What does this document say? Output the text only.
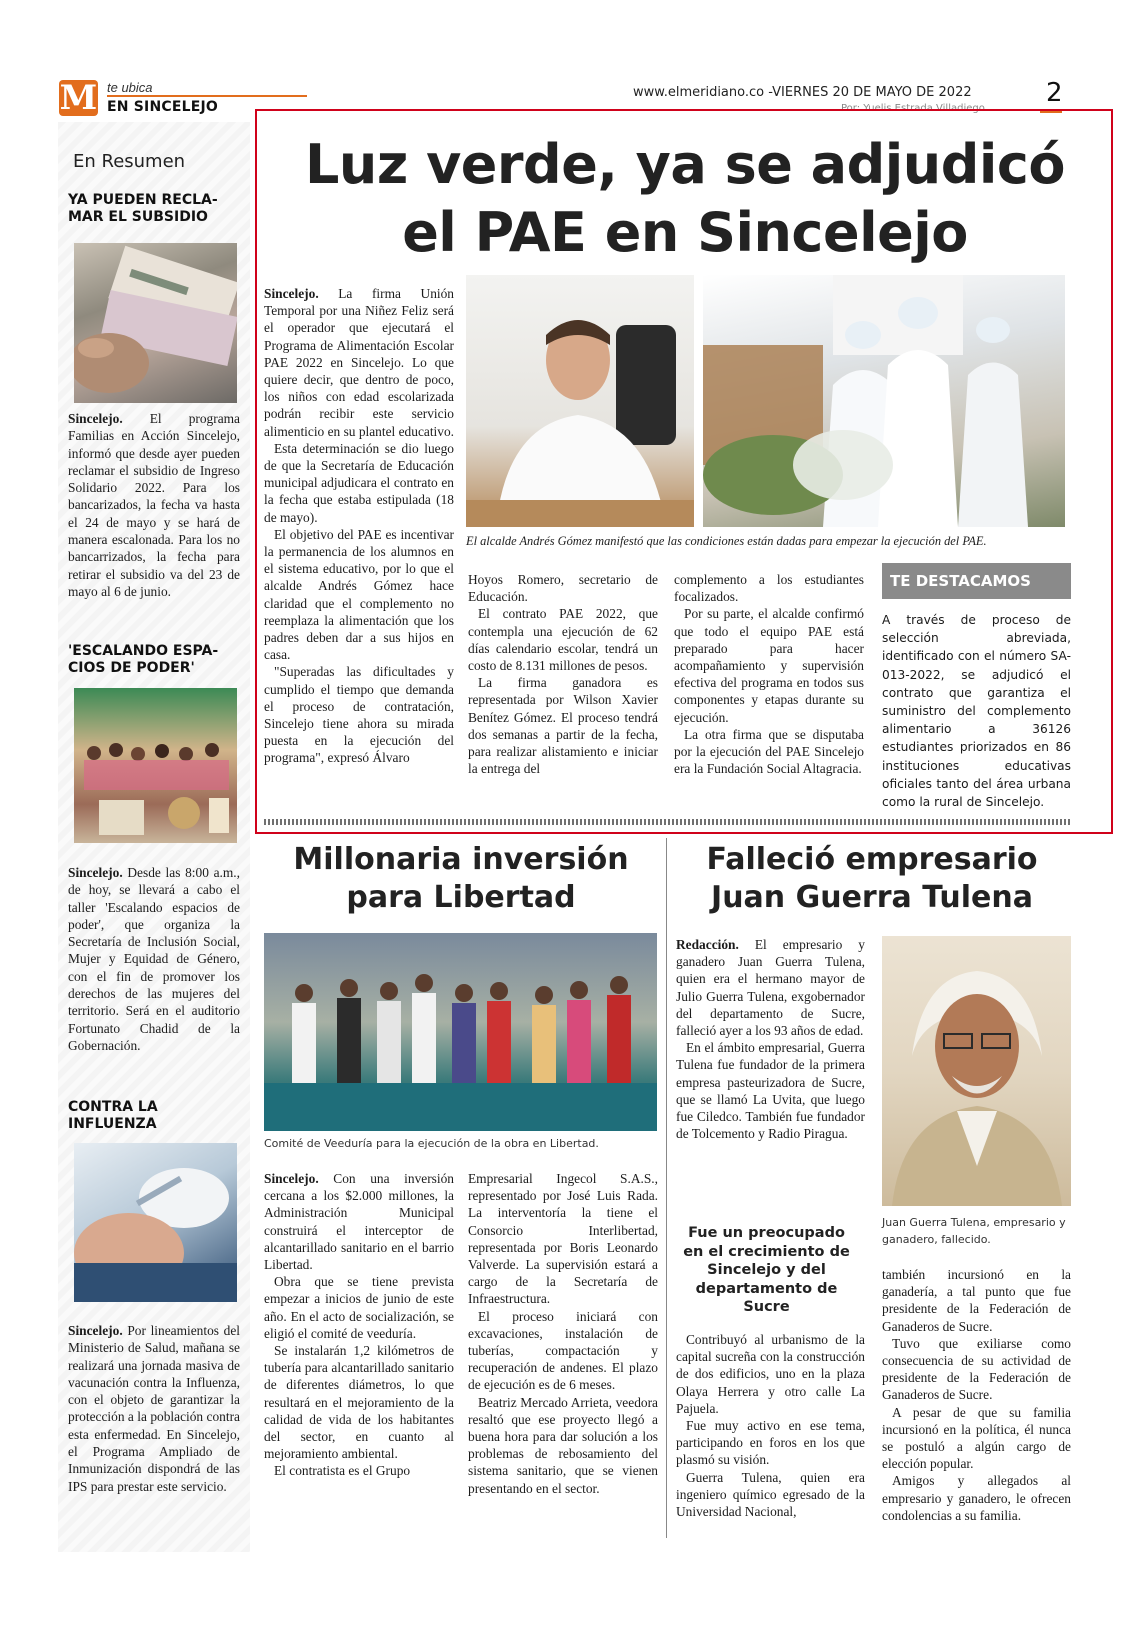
M te ubica
EN SINCELEJO
www.elmeridiano.co -VIERNES 20 DE MAYO DE 2022
Por: Yuelis Estrada Villadiego
2
En Resumen
YA PUEDEN RECLA-MAR EL SUBSIDIO
Sincelejo. El programa Familias en Acción Sincelejo, informó que desde ayer pueden reclamar el subsidio de Ingreso Solidario 2022. Para los bancarizados, la fecha va hasta el 24 de mayo y se hará de manera escalonada. Para los no bancarrizados, la fecha para retirar el subsidio va del 23 de mayo al 6 de junio.
'ESCALANDO ESPA-CIOS DE PODER'
Sincelejo. Desde las 8:00 a.m., de hoy, se llevará a cabo el taller 'Escalando espacios de poder', que organiza la Secretaría de Inclusión Social, Mujer y Equidad de Género, con el fin de promover los derechos de las mujeres del territorio. Será en el auditorio Fortunato Chadid de la Gobernación.
CONTRA LA INFLUENZA
Sincelejo. Por lineamientos del Ministerio de Salud, mañana se realizará una jornada masiva de vacunación contra la Influenza, con el objeto de garantizar la protección a la población contra esta enfermedad. En Sincelejo, el Programa Ampliado de Inmunización dispondrá de las IPS para prestar este servicio.
Luz verde, ya se adjudicó
el PAE en Sincelejo

Sincelejo. La firma Unión Temporal por una Niñez Feliz será el operador que ejecutará el Programa de Alimentación Escolar PAE 2022 en Sincelejo. Lo que quiere decir, que dentro de poco, los niños con edad escolarizada podrán recibir este servicio alimenticio en su plantel educativo.

Esta determinación se dio luego de que la Secretaría de Educación municipal adjudicara el contrato en la fecha que estaba estipulada (18 de mayo).

El objetivo del PAE es incentivar la permanencia de los alumnos en el sistema educativo, por lo que el alcalde Andrés Gómez hace claridad que el complemento no reemplaza la alimentación que los padres deben dar a sus hijos en casa.

"Superadas las dificultades y cumplido el tiempo que demanda el proceso de contratación, Sincelejo tiene ahora su mirada puesta en la ejecución del programa", expresó Álvaro

El alcalde Andrés Gómez manifestó que las condiciones están dadas para empezar la ejecución del PAE.

Hoyos Romero, secretario de Educación.

El contrato PAE 2022, que contempla una ejecución de 62 días calendario escolar, tendrá un costo de 8.131 millones de pesos.

La firma ganadora es representada por Wilson Xavier Benítez Gómez. El proceso tendrá dos semanas a partir de la fecha, para realizar alistamiento e iniciar la entrega del

complemento a los estudiantes focalizados.

Por su parte, el alcalde confirmó que todo el equipo PAE está preparado para hacer acompañamiento y supervisión efectiva del programa en todos sus componentes y etapas durante su ejecución.

La otra firma que se disputaba por la ejecución del PAE Sincelejo era la Fundación Social Altagracia.

TE DESTACAMOS
A través de proceso de selección abreviada, identificado con el número SA-013-2022, se adjudicó el contrato que garantiza el suministro del complemento alimentario a 36126 estudiantes priorizados en 86 instituciones educativas oficiales tanto del área urbana como la rural de Sincelejo.
Millonaria inversión
para Libertad
Comité de Veeduría para la ejecución de la obra en Libertad.

Sincelejo. Con una inversión cercana a los $2.000 millones, la Administración Municipal construirá el interceptor de alcantarillado sanitario en el barrio Libertad.

Obra que se tiene prevista empezar a inicios de junio de este año. En el acto de socialización, se eligió el comité de veeduría.

Se instalarán 1,2 kilómetros de tubería para alcantarillado sanitario de diferentes diámetros, lo que resultará en el mejoramiento de la calidad de vida de los habitantes del sector, en cuanto al mejoramiento ambiental.

El contratista es el Grupo

Empresarial Ingecol S.A.S., representado por José Luis Rada. La interventoría la tiene el Consorcio Interlibertad, representada por Boris Leonardo Valverde. La supervisión estará a cargo de la Secretaría de Infraestructura.

El proceso iniciará con excavaciones, instalación de tuberías, compactación y recuperación de andenes. El plazo de ejecución es de 6 meses.

Beatriz Mercado Arrieta, veedora resaltó que ese proyecto llegó a buena hora para dar solución a los problemas de rebosamiento del sistema sanitario, que se vienen presentando en el sector.

Falleció empresario
Juan Guerra Tulena

Redacción. El empresario y ganadero Juan Guerra Tulena, quien era el hermano mayor de Julio Guerra Tulena, exgobernador del departamento de Sucre, falleció ayer a los 93 años de edad.

En el ámbito empresarial, Guerra Tulena fue fundador de la primera empresa pasteurizadora de Sucre, que se llamó La Uvita, que luego fue Ciledco. También fue fundador de Tolcemento y Radio Piragua.

Fue un preocupado en el crecimiento de Sincelejo y del departamento de Sucre

Contribuyó al urbanismo de la capital sucreña con la construcción de dos edificios, uno en la plaza Olaya Herrera y otro calle La Pajuela.

Fue muy activo en ese tema, participando en foros en los que plasmó su visión.

Guerra Tulena, quien era ingeniero químico egresado de la Universidad Nacional,

Juan Guerra Tulena, empresario y ganadero, fallecido.

también incursionó en la ganadería, a tal punto que fue presidente de la Federación de Ganaderos de Sucre.

Tuvo que exiliarse como consecuencia de su actividad de presidente de la Federación de Ganaderos de Sucre.

A pesar de que su familia incursionó en la política, él nunca se postuló a algún cargo de elección popular.

Amigos y allegados al empresario y ganadero, le ofrecen condolencias a su familia.
